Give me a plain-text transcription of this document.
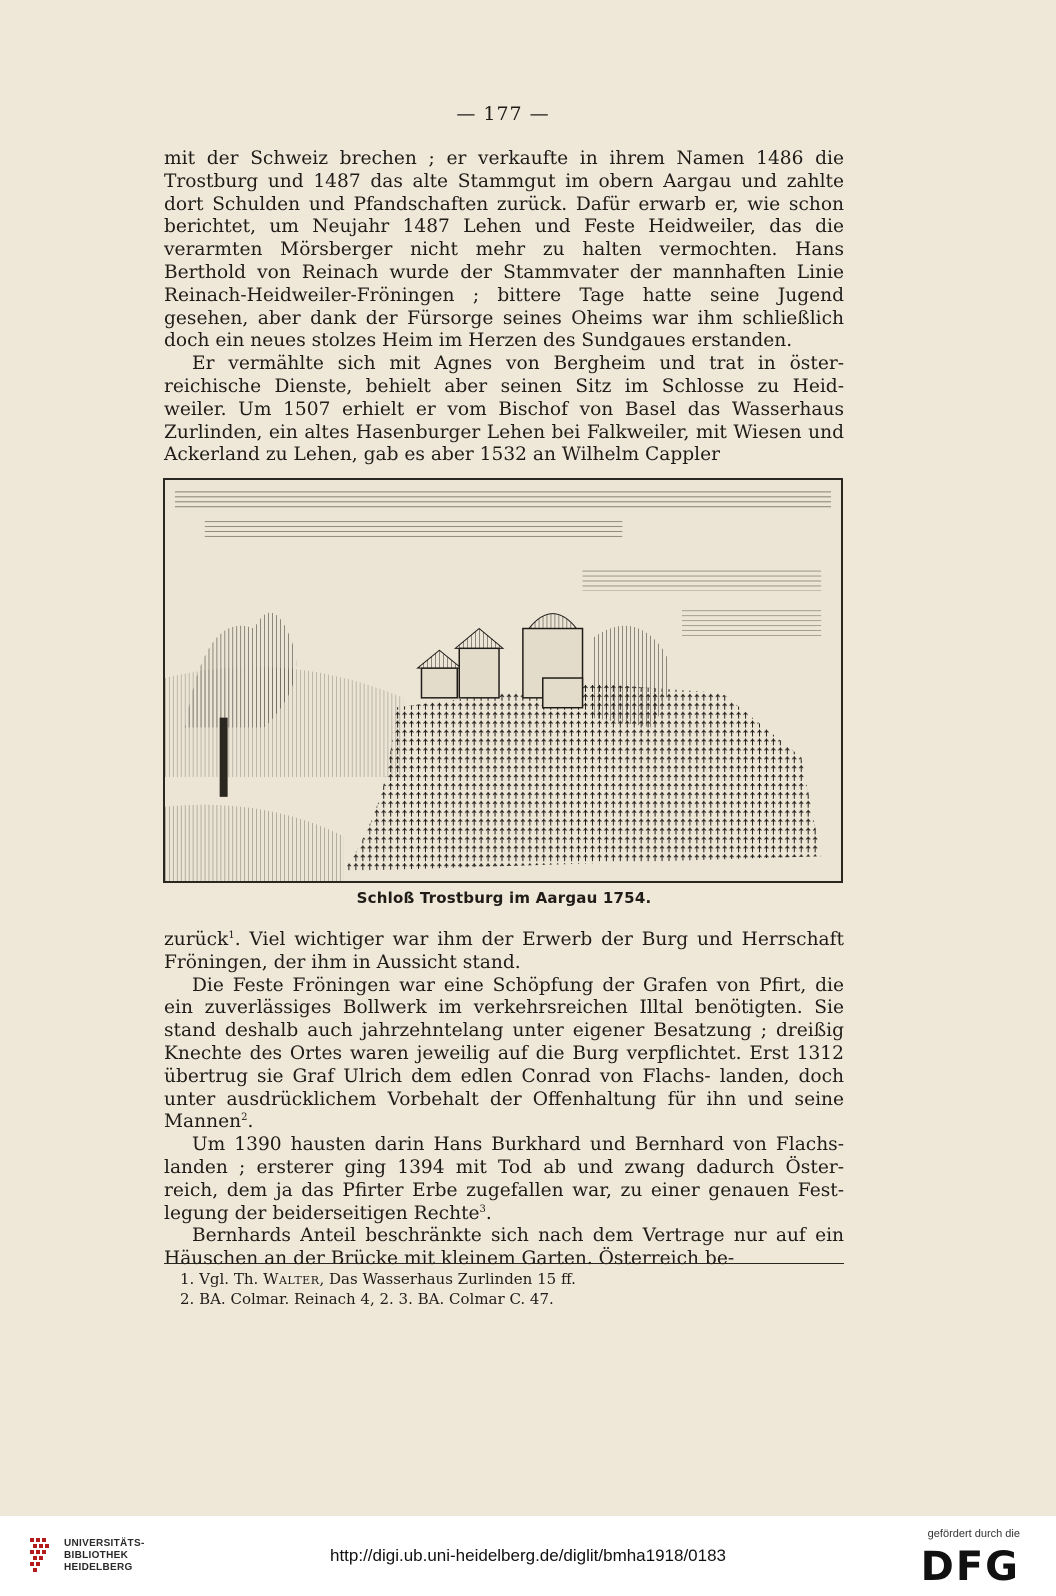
— 177 —

mit der Schweiz brechen ; er verkaufte in ihrem Namen 1486 die Trostburg und 1487 das alte Stammgut im obern Aargau und zahlte dort Schulden und Pfandschaften zurück. Dafür erwarb er, wie schon berichtet, um Neujahr 1487 Lehen und Feste Heidweiler, das die verarmten Mörsberger nicht mehr zu halten vermochten. Hans Berthold von Reinach wurde der Stammvater der mannhaften Linie Reinach-Heidweiler-Fröningen ; bittere Tage hatte seine Jugend gesehen, aber dank der Fürsorge seines Oheims war ihm schließlich doch ein neues stolzes Heim im Herzen des Sundgaues erstanden.

Er vermählte sich mit Agnes von Bergheim und trat in öster- reichische Dienste, behielt aber seinen Sitz im Schlosse zu Heid- weiler. Um 1507 erhielt er vom Bischof von Basel das Wasserhaus Zurlinden, ein altes Hasenburger Lehen bei Falkweiler, mit Wiesen und Ackerland zu Lehen, gab es aber 1532 an Wilhelm Cappler

Schloß Trostburg im Aargau 1754.

zurück$^1$. Viel wichtiger war ihm der Erwerb der Burg und Herrschaft Fröningen, der ihm in Aussicht stand.

Die Feste Fröningen war eine Schöpfung der Grafen von Pfirt, die ein zuverlässiges Bollwerk im verkehrsreichen Illtal benötigten. Sie stand deshalb auch jahrzehntelang unter eigener Besatzung ; dreißig Knechte des Ortes waren jeweilig auf die Burg verpflichtet. Erst 1312 übertrug sie Graf Ulrich dem edlen Conrad von Flachs- landen, doch unter ausdrücklichem Vorbehalt der Offenhaltung für ihn und seine Mannen$^2$.

Um 1390 hausten darin Hans Burkhard und Bernhard von Flachs- landen ; ersterer ging 1394 mit Tod ab und zwang dadurch Öster- reich, dem ja das Pfirter Erbe zugefallen war, zu einer genauen Fest- legung der beiderseitigen Rechte$^3$.

Bernhards Anteil beschränkte sich nach dem Vertrage nur auf ein Häuschen an der Brücke mit kleinem Garten. Österreich be-

1. Vgl. Th. Walter, Das Wasserhaus Zurlinden 15 ff.
2. BA. Colmar. Reinach 4, 2. 3. BA. Colmar C. 47.
UNIVERSITÄTS-
BIBLIOTHEK
HEIDELBERG
http://digi.ub.uni-heidelberg.de/diglit/bmha1918/0183
gefördert durch die
DFG
